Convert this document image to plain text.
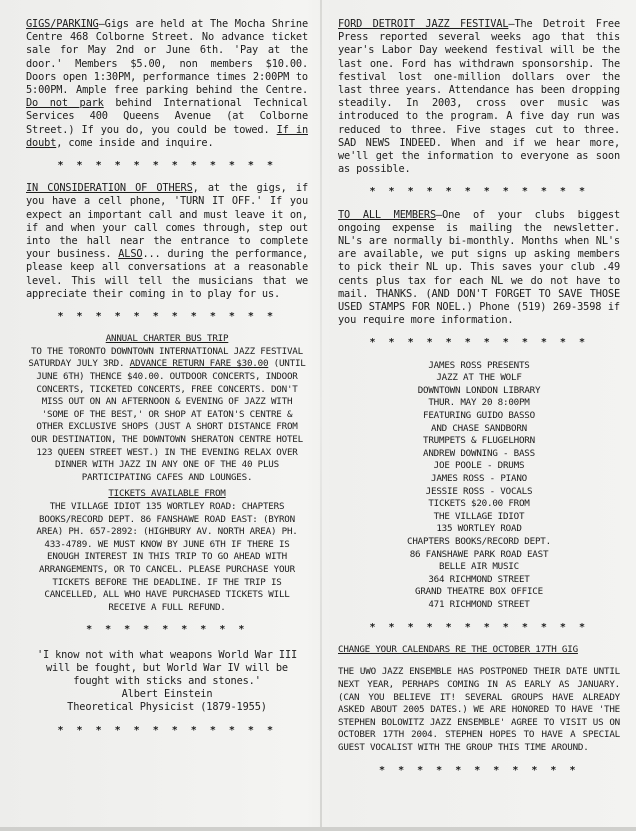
GIGS/PARKING—Gigs are held at The Mocha Shrine Centre 468 Colborne Street. No advance ticket sale for May 2nd or June 6th. 'Pay at the door.' Members $5.00, non members $10.00. Doors open 1:30PM, performance times 2:00PM to 5:00PM. Ample free parking behind the Centre. Do not park behind International Technical Services 400 Queens Avenue (at Colborne Street.) If you do, you could be towed. If in doubt, come inside and inquire.

* * * * * * * * * * * *

IN CONSIDERATION OF OTHERS, at the gigs, if you have a cell phone, 'TURN IT OFF.' If you expect an important call and must leave it on, if and when your call comes through, step out into the hall near the entrance to complete your business. ALSO... during the performance, please keep all conversations at a reasonable level. This will tell the musicians that we appreciate their coming in to play for us.

* * * * * * * * * * * *
ANNUAL CHARTER BUS TRIP
TO THE TORONTO DOWNTOWN INTERNATIONAL JAZZ FESTIVAL SATURDAY JULY 3RD. ADVANCE RETURN FARE $30.00 (UNTIL JUNE 6TH) THENCE $40.00. OUTDOOR CONCERTS, INDOOR CONCERTS, TICKETED CONCERTS, FREE CONCERTS. DON'T MISS OUT ON AN AFTERNOON & EVENING OF JAZZ WITH 'SOME OF THE BEST,' OR SHOP AT EATON'S CENTRE & OTHER EXCLUSIVE SHOPS (JUST A SHORT DISTANCE FROM OUR DESTINATION, THE DOWNTOWN SHERATON CENTRE HOTEL 123 QUEEN STREET WEST.) IN THE EVENING RELAX OVER DINNER WITH JAZZ IN ANY ONE OF THE 40 PLUS PARTICIPATING CAFES AND LOUNGES.
TICKETS AVAILABLE FROM
THE VILLAGE IDIOT 135 WORTLEY ROAD: CHAPTERS BOOKS/RECORD DEPT. 86 FANSHAWE ROAD EAST: (BYRON AREA) PH. 657-2892: (HIGHBURY AV. NORTH AREA) PH. 433-4789. WE MUST KNOW BY JUNE 6TH IF THERE IS ENOUGH INTEREST IN THIS TRIP TO GO AHEAD WITH ARRANGEMENTS, OR TO CANCEL. PLEASE PURCHASE YOUR TICKETS BEFORE THE DEADLINE. IF THE TRIP IS CANCELLED, ALL WHO HAVE PURCHASED TICKETS WILL RECEIVE A FULL REFUND.
* * * * * * * * *
'I know not with what weapons World War III will be fought, but World War IV will be fought with sticks and stones.'
Albert Einstein
Theoretical Physicist (1879-1955)
* * * * * * * * * * * *

FORD DETROIT JAZZ FESTIVAL—The Detroit Free Press reported several weeks ago that this year's Labor Day weekend festival will be the last one. Ford has withdrawn sponsorship. The festival lost one-million dollars over the last three years. Attendance has been dropping steadily. In 2003, cross over music was introduced to the program. A five day run was reduced to three. Five stages cut to three. SAD NEWS INDEED. When and if we hear more, we'll get the information to everyone as soon as possible.

* * * * * * * * * * * *

TO ALL MEMBERS—One of your clubs biggest ongoing expense is mailing the newsletter. NL's are normally bi-monthly. Months when NL's are available, we put signs up asking members to pick their NL up. This saves your club .49 cents plus tax for each NL we do not have to mail. THANKS. (AND DON'T FORGET TO SAVE THOSE USED STAMPS FOR NOEL.) Phone (519) 269-3598 if you require more information.

* * * * * * * * * * * *
JAMES ROSS PRESENTS
JAZZ AT THE WOLF
DOWNTOWN LONDON LIBRARY
THUR. MAY 20 8:00PM
FEATURING GUIDO BASSO
AND CHASE SANDBORN
TRUMPETS & FLUGELHORN
ANDREW DOWNING - BASS
JOE POOLE - DRUMS
JAMES ROSS - PIANO
JESSIE ROSS - VOCALS
TICKETS $20.00 FROM
THE VILLAGE IDIOT
135 WORTLEY ROAD
CHAPTERS BOOKS/RECORD DEPT.
86 FANSHAWE PARK ROAD EAST
BELLE AIR MUSIC
364 RICHMOND STREET
GRAND THEATRE BOX OFFICE
471 RICHMOND STREET
* * * * * * * * * * * *
CHANGE YOUR CALENDARS RE THE OCTOBER 17TH GIG
THE UWO JAZZ ENSEMBLE HAS POSTPONED THEIR DATE UNTIL NEXT YEAR, PERHAPS COMING IN AS EARLY AS JANUARY. (CAN YOU BELIEVE IT! SEVERAL GROUPS HAVE ALREADY ASKED ABOUT 2005 DATES.) WE ARE HONORED TO HAVE 'THE STEPHEN BOLOWITZ JAZZ ENSEMBLE' AGREE TO VISIT US ON OCTOBER 17TH 2004. STEPHEN HOPES TO HAVE A SPECIAL GUEST VOCALIST WITH THE GROUP THIS TIME AROUND.
* * * * * * * * * * *
